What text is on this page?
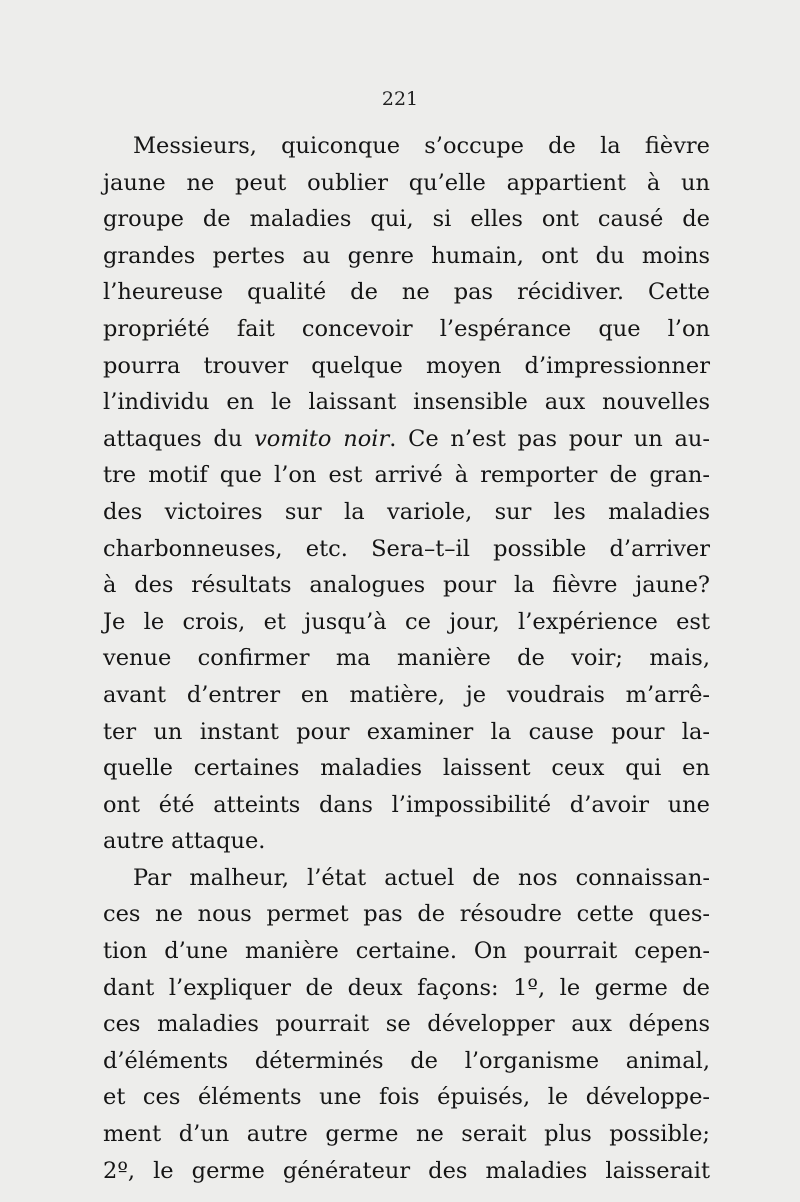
221
Messieurs, quiconque s’occupe de la fièvre
jaune ne peut oublier qu’elle appartient à un
groupe de maladies qui, si elles ont causé de
grandes pertes au genre humain, ont du moins
l’heureuse qualité de ne pas récidiver. Cette
propriété fait concevoir l’espérance que l’on
pourra trouver quelque moyen d’impressionner
l’individu en le laissant insensible aux nouvelles
attaques du vomito noir. Ce n’est pas pour un au-
tre motif que l’on est arrivé à remporter de gran-
des victoires sur la variole, sur les maladies
charbonneuses, etc. Sera–t–il possible d’arriver
à des résultats analogues pour la fièvre jaune?
Je le crois, et jusqu’à ce jour, l’expérience est
venue confirmer ma manière de voir; mais,
avant d’entrer en matière, je voudrais m’arrê-
ter un instant pour examiner la cause pour la-
quelle certaines maladies laissent ceux qui en
ont été atteints dans l’impossibilité d’avoir une
autre attaque.
Par malheur, l’état actuel de nos connaissan-
ces ne nous permet pas de résoudre cette ques-
tion d’une manière certaine. On pourrait cepen-
dant l’expliquer de deux façons: 1º, le germe de
ces maladies pourrait se développer aux dépens
d’éléments déterminés de l’organisme animal,
et ces éléments une fois épuisés, le développe-
ment d’un autre germe ne serait plus possible;
2º, le germe générateur des maladies laisserait
